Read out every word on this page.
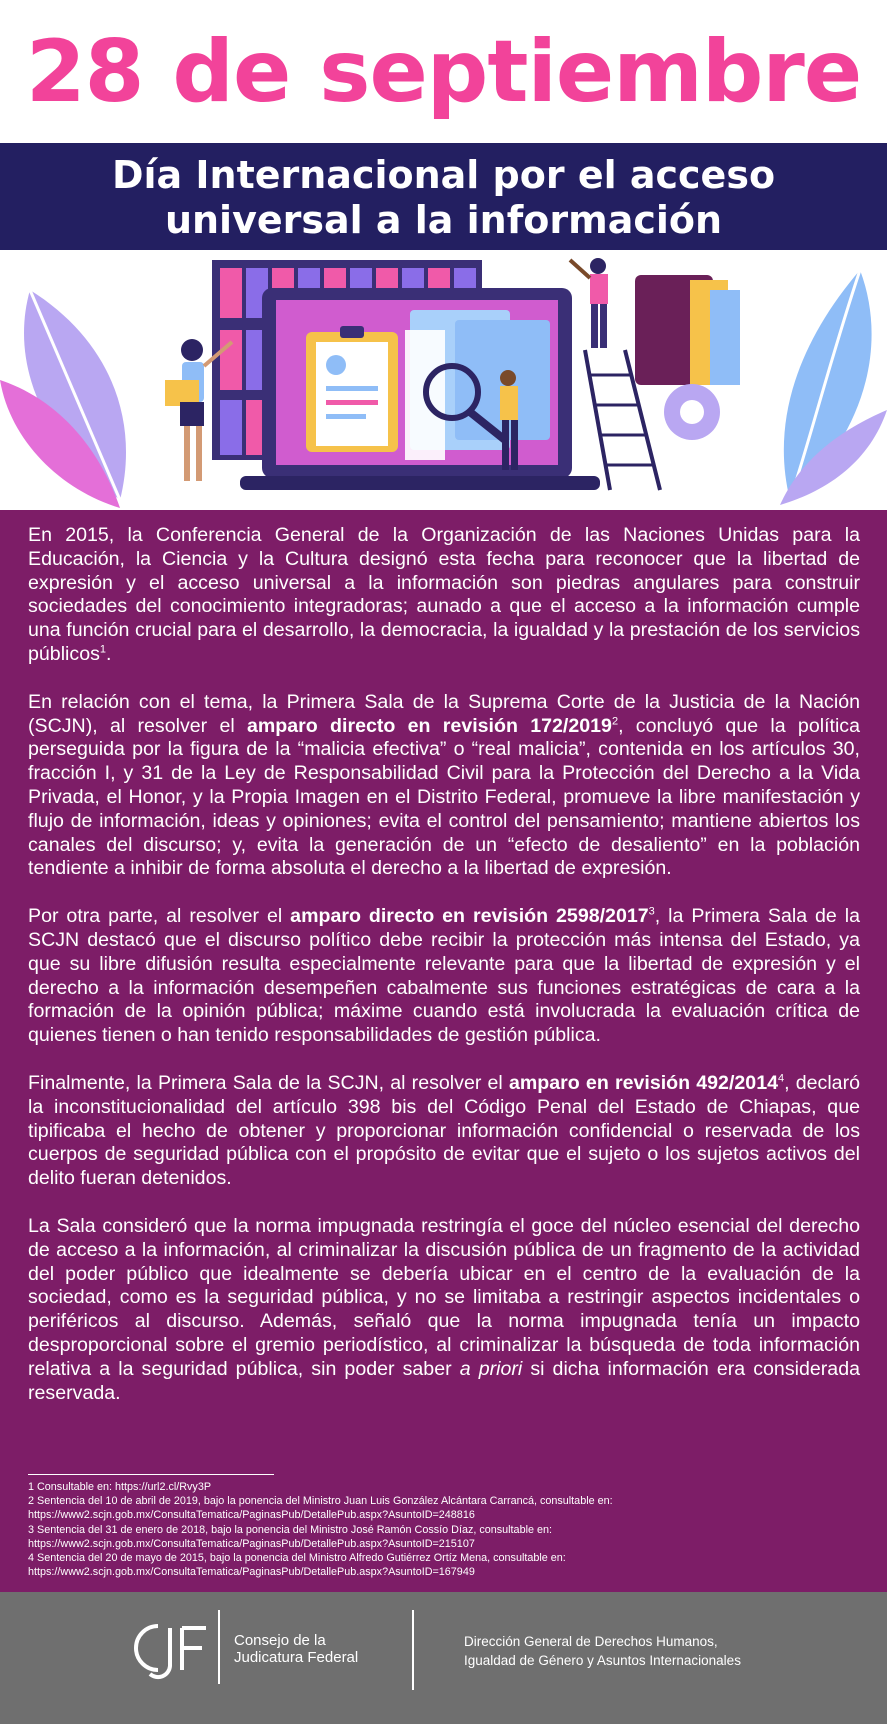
28 de septiembre
Día Internacional por el acceso
universal a la información

En 2015, la Conferencia General de la Organización de las Naciones Unidas para la Educación, la Ciencia y la Cultura designó esta fecha para reconocer que la libertad de expresión y el acceso universal a la información son piedras angulares para construir sociedades del conocimiento integradoras; aunado a que el acceso a la información cumple una función crucial para el desarrollo, la democracia, la igualdad y la prestación de los servicios públicos$^1$.

En relación con el tema, la Primera Sala de la Suprema Corte de la Justicia de la Nación (SCJN), al resolver el amparo directo en revisión 172/2019$^2$, concluyó que la política perseguida por la figura de la “malicia efectiva” o “real malicia”, contenida en los artículos 30, fracción I, y 31 de la Ley de Responsabilidad Civil para la Protección del Derecho a la Vida Privada, el Honor, y la Propia Imagen en el Distrito Federal, promueve la libre manifestación y flujo de información, ideas y opiniones; evita el control del pensamiento; mantiene abiertos los canales del discurso; y, evita la generación de un “efecto de desaliento” en la población tendiente a inhibir de forma absoluta el derecho a la libertad de expresión.

Por otra parte, al resolver el amparo directo en revisión 2598/2017$^3$, la Primera Sala de la SCJN destacó que el discurso político debe recibir la protección más intensa del Estado, ya que su libre difusión resulta especialmente relevante para que la libertad de expresión y el derecho a la información desempeñen cabalmente sus funciones estratégicas de cara a la formación de la opinión pública; máxime cuando está involucrada la evaluación crítica de quienes tienen o han tenido responsabilidades de gestión pública.

Finalmente, la Primera Sala de la SCJN, al resolver el amparo en revisión 492/2014$^4$, declaró la inconstitucionalidad del artículo 398 bis del Código Penal del Estado de Chiapas, que tipificaba el hecho de obtener y proporcionar información confidencial o reservada de los cuerpos de seguridad pública con el propósito de evitar que el sujeto o los sujetos activos del delito fueran detenidos.

La Sala consideró que la norma impugnada restringía el goce del núcleo esencial del derecho de acceso a la información, al criminalizar la discusión pública de un fragmento de la actividad del poder público que idealmente se debería ubicar en el centro de la evaluación de la sociedad, como es la seguridad pública, y no se limitaba a restringir aspectos incidentales o periféricos al discurso. Además, señaló que la norma impugnada tenía un impacto desproporcional sobre el gremio periodístico, al criminalizar la búsqueda de toda información relativa a la seguridad pública, sin poder saber a priori si dicha información era considerada reservada.

1 Consultable en: https://url2.cl/Rvy3P
2 Sentencia del 10 de abril de 2019, bajo la ponencia del Ministro Juan Luis González Alcántara Carrancá, consultable en:
https://www2.scjn.gob.mx/ConsultaTematica/PaginasPub/DetallePub.aspx?AsuntoID=248816
3 Sentencia del 31 de enero de 2018, bajo la ponencia del Ministro José Ramón Cossío Díaz, consultable en:
https://www2.scjn.gob.mx/ConsultaTematica/PaginasPub/DetallePub.aspx?AsuntoID=215107
4 Sentencia del 20 de mayo de 2015, bajo la ponencia del Ministro Alfredo Gutiérrez Ortíz Mena, consultable en:
https://www2.scjn.gob.mx/ConsultaTematica/PaginasPub/DetallePub.aspx?AsuntoID=167949
Consejo de la
Judicatura Federal
Dirección General de Derechos Humanos,
Igualdad de Género y Asuntos Internacionales
